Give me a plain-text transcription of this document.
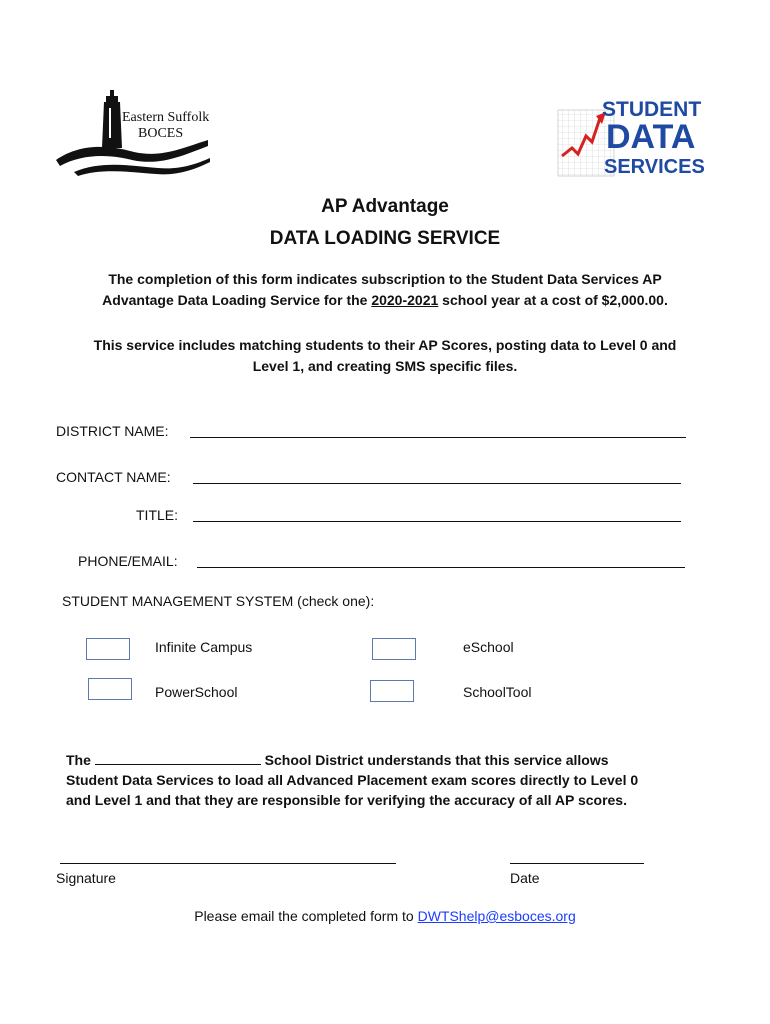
Eastern Suffolk
BOCES
STUDENT
DATA
SERVICES
AP Advantage
DATA LOADING SERVICE
The completion of this form indicates subscription to the Student Data Services AP
Advantage Data Loading Service for the 2020-2021 school year at a cost of $2,000.00.
This service includes matching students to their AP Scores, posting data to Level 0 and
Level 1, and creating SMS specific files.
DISTRICT NAME:
CONTACT NAME:
TITLE:
PHONE/EMAIL:
STUDENT MANAGEMENT SYSTEM (check one):
Infinite Campus	eSchool
PowerSchool	SchoolTool
The	School District understands that this service allows
Student Data Services to load all Advanced Placement exam scores directly to Level 0
and Level 1 and that they are responsible for verifying the accuracy of all AP scores.
Signature	Date
Please email the completed form to DWTShelp@esboces.org
